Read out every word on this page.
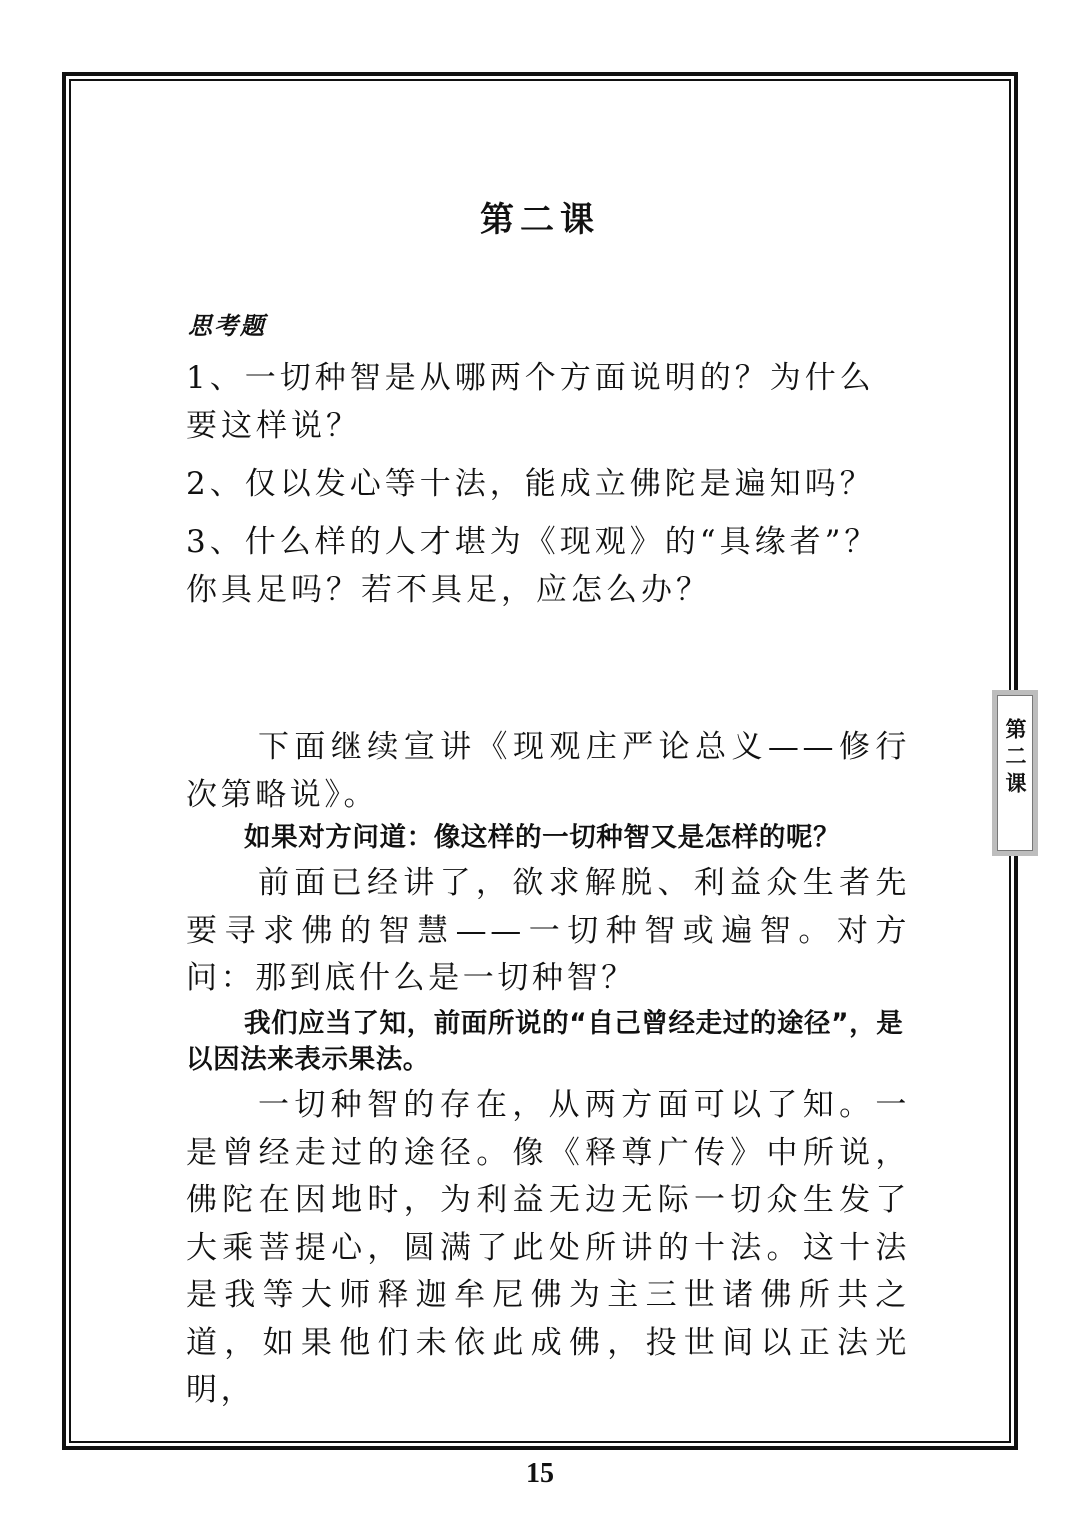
第二课
思考题

1、一切种智是从哪两个方面说明的？为什么要这样说？

2、仅以发心等十法，能成立佛陀是遍知吗？

3、什么样的人才堪为《现观》的“具缘者”？你具足吗？若不具足，应怎么办？

下面继续宣讲《现观庄严论总义——修行次第略说》。

如果对方问道：像这样的一切种智又是怎样的呢？

前面已经讲了，欲求解脱、利益众生者先要寻求佛的智慧——一切种智或遍智。对方问：那到底什么是一切种智？

我们应当了知，前面所说的“自己曾经走过的途径”，是以因法来表示果法。

一切种智的存在，从两方面可以了知。一是曾经走过的途径。像《释尊广传》中所说，佛陀在因地时，为利益无边无际一切众生发了大乘菩提心，圆满了此处所讲的十法。这十法是我等大师释迦牟尼佛为主三世诸佛所共之道，如果他们未依此成佛，投世间以正法光明，

第二课
15
